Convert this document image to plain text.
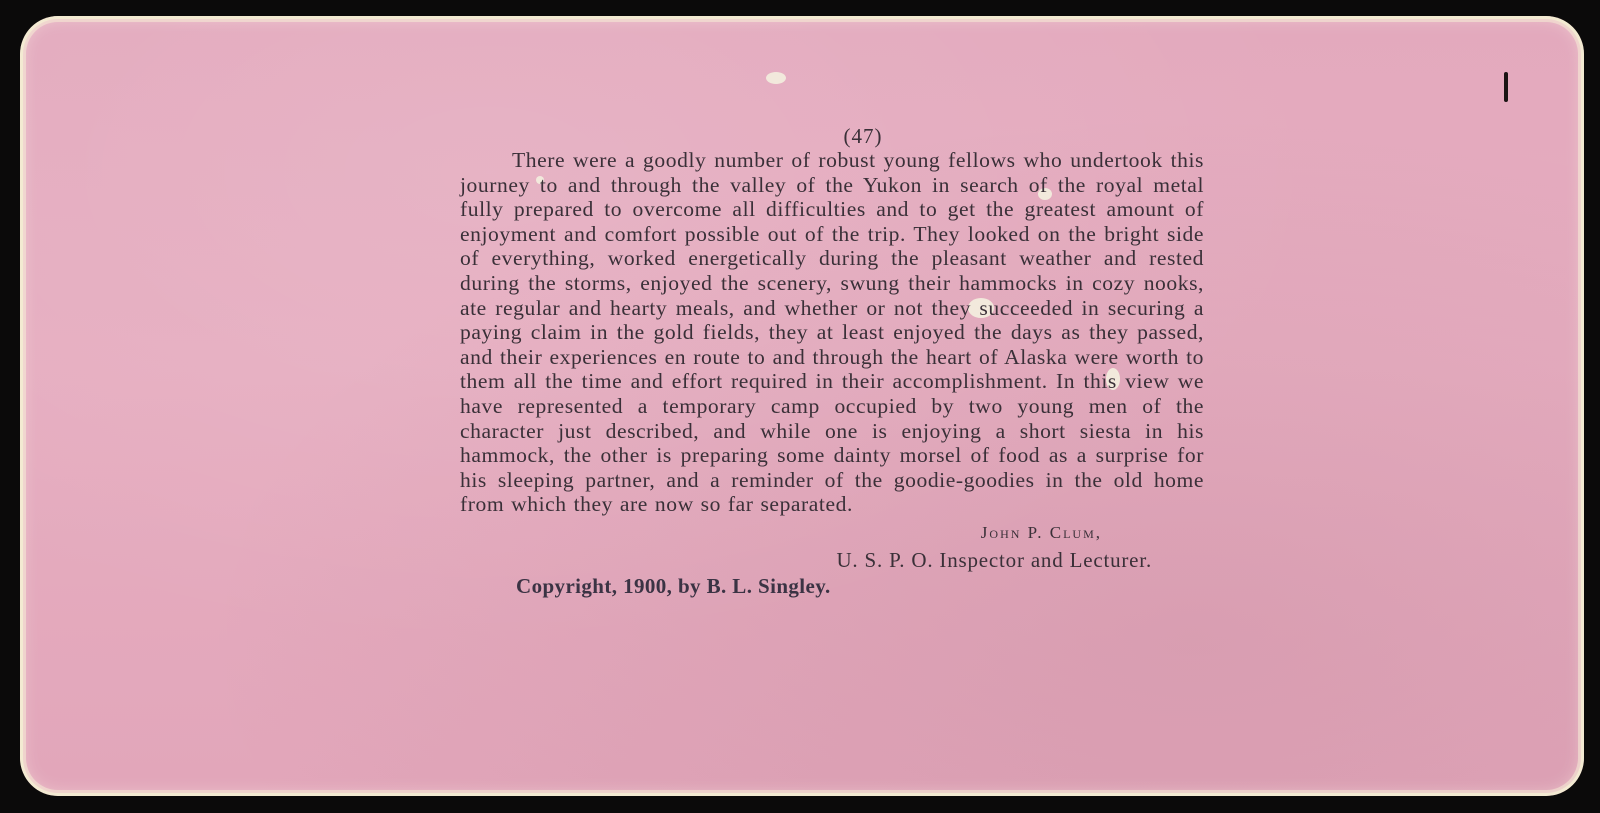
(47)

There were a goodly number of robust young fellows who undertook this journey to and through the valley of the Yukon in search of the royal metal fully prepared to overcome all difficulties and to get the greatest amount of enjoyment and comfort possible out of the trip. They looked on the bright side of everything, worked energetically during the pleasant weather and rested during the storms, enjoyed the scenery, swung their hammocks in cozy nooks, ate regular and hearty meals, and whether or not they succeeded in securing a paying claim in the gold fields, they at least enjoyed the days as they passed, and their experiences en route to and through the heart of Alaska were worth to them all the time and effort required in their accomplishment. In this view we have represented a temporary camp occupied by two young men of the character just described, and while one is enjoying a short siesta in his hammock, the other is preparing some dainty morsel of food as a surprise for his sleeping partner, and a reminder of the goodie-goodies in the old home from which they are now so far separated.

John P. Clum,
U. S. P. O. Inspector and Lecturer.
Copyright, 1900, by B. L. Singley.
